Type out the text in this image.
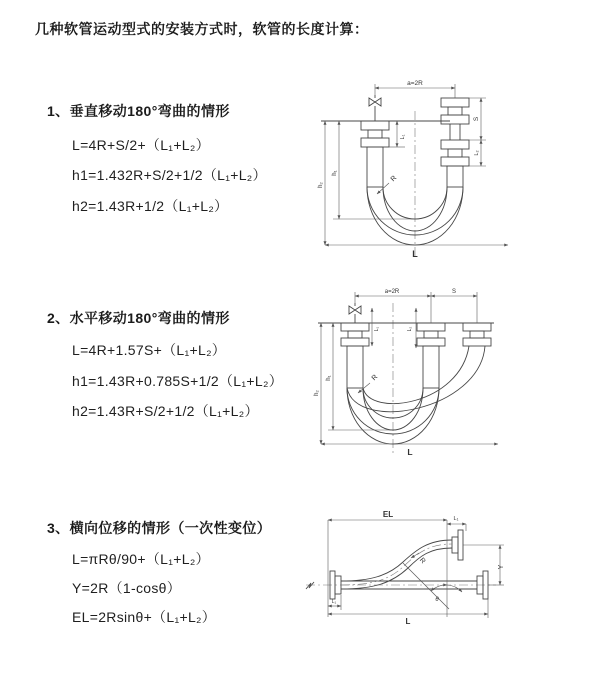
几种软管运动型式的安装方式时，软管的长度计算：
1、垂直移动180°弯曲的情形
L=4R+S/2+（L₁+L₂）
h1=1.432R+S/2+1/2（L₁+L₂）
h2=1.43R+1/2（L₁+L₂）
2、水平移动180°弯曲的情形
L=4R+1.57S+（L₁+L₂）
h1=1.43R+0.785S+1/2（L₁+L₂）
h2=1.43R+S/2+1/2（L₁+L₂）
3、横向位移的情形（一次性变位）
L=πRθ/90+（L₁+L₂）
Y=2R（1-cosθ）
EL=2Rsinθ+（L₁+L₂）
a=2R
L₁
h₁
h₂
S
L₂
R
L
a=2R	S
L₁	L₂
h₁
h₂
R
L
EL	L₁
Y
R
θ
L
L₁
